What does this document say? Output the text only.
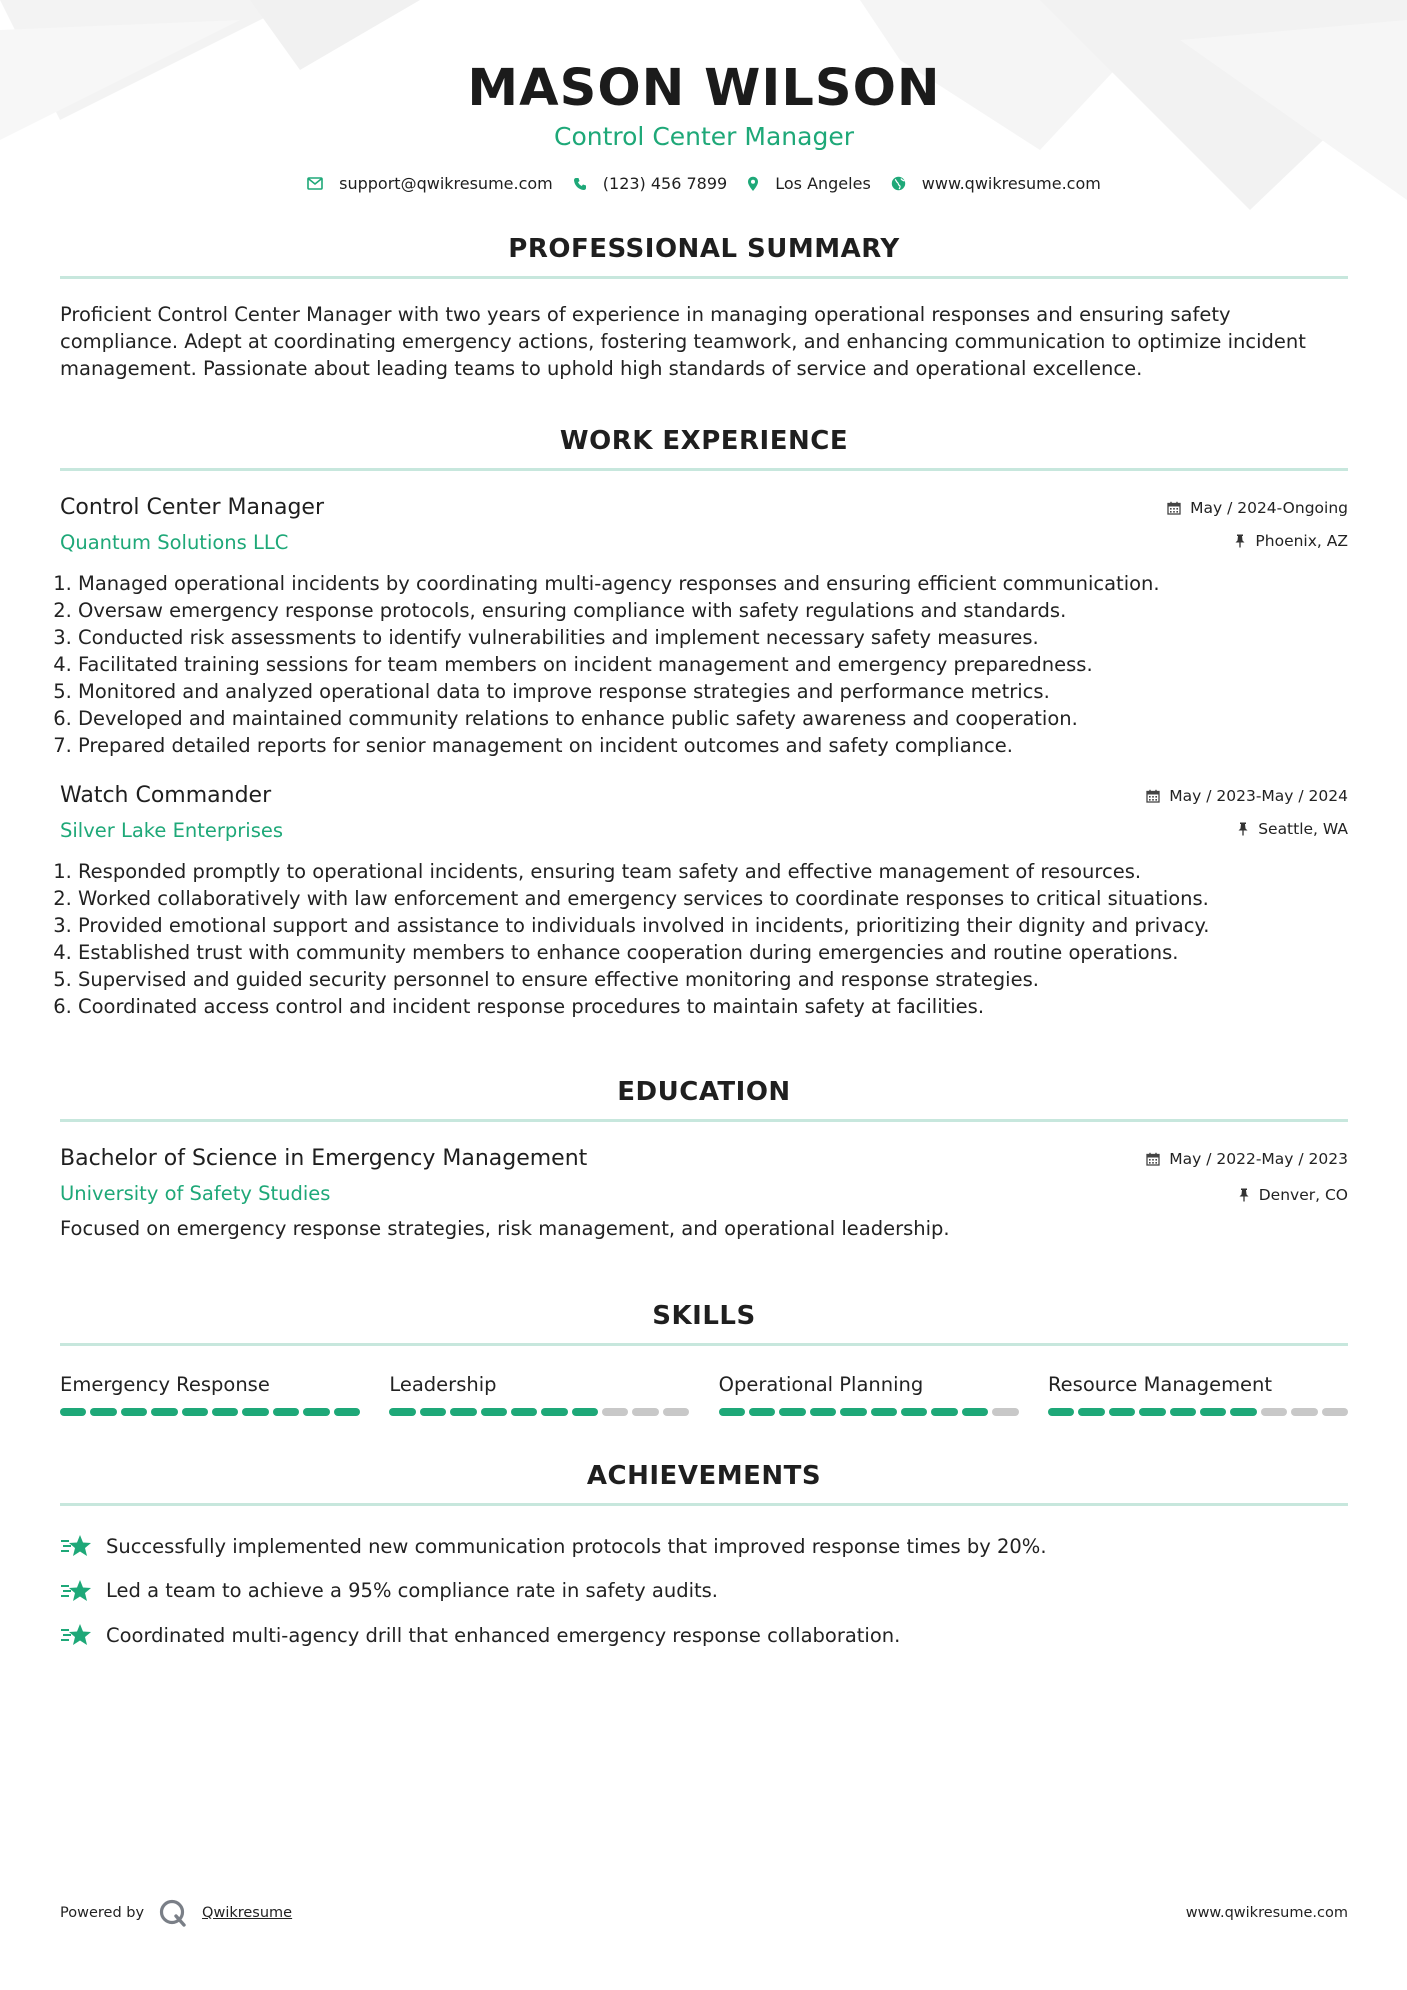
MASON WILSON
Control Center Manager
support@qwikresume.com	(123) 456 7899	Los Angeles	www.qwikresume.com
PROFESSIONAL SUMMARY
Proficient Control Center Manager with two years of experience in managing operational responses and ensuring safety compliance. Adept at coordinating emergency actions, fostering teamwork, and enhancing communication to optimize incident management. Passionate about leading teams to uphold high standards of service and operational excellence.
WORK EXPERIENCE
Control Center Manager
Quantum Solutions LLC
May / 2024-Ongoing
Phoenix, AZ
1. Managed operational incidents by coordinating multi-agency responses and ensuring efficient communication.
2. Oversaw emergency response protocols, ensuring compliance with safety regulations and standards.
3. Conducted risk assessments to identify vulnerabilities and implement necessary safety measures.
4. Facilitated training sessions for team members on incident management and emergency preparedness.
5. Monitored and analyzed operational data to improve response strategies and performance metrics.
6. Developed and maintained community relations to enhance public safety awareness and cooperation.
7. Prepared detailed reports for senior management on incident outcomes and safety compliance.
Watch Commander
Silver Lake Enterprises
May / 2023-May / 2024
Seattle, WA
1. Responded promptly to operational incidents, ensuring team safety and effective management of resources.
2. Worked collaboratively with law enforcement and emergency services to coordinate responses to critical situations.
3. Provided emotional support and assistance to individuals involved in incidents, prioritizing their dignity and privacy.
4. Established trust with community members to enhance cooperation during emergencies and routine operations.
5. Supervised and guided security personnel to ensure effective monitoring and response strategies.
6. Coordinated access control and incident response procedures to maintain safety at facilities.
EDUCATION
Bachelor of Science in Emergency Management
University of Safety Studies
May / 2022-May / 2023
Denver, CO
Focused on emergency response strategies, risk management, and operational leadership.
SKILLS
Emergency Response	Leadership	Operational Planning	Resource Management
ACHIEVEMENTS
Successfully implemented new communication protocols that improved response times by 20%.
Led a team to achieve a 95% compliance rate in safety audits.
Coordinated multi-agency drill that enhanced emergency response collaboration.
Powered by	Qwikresume	www.qwikresume.com
